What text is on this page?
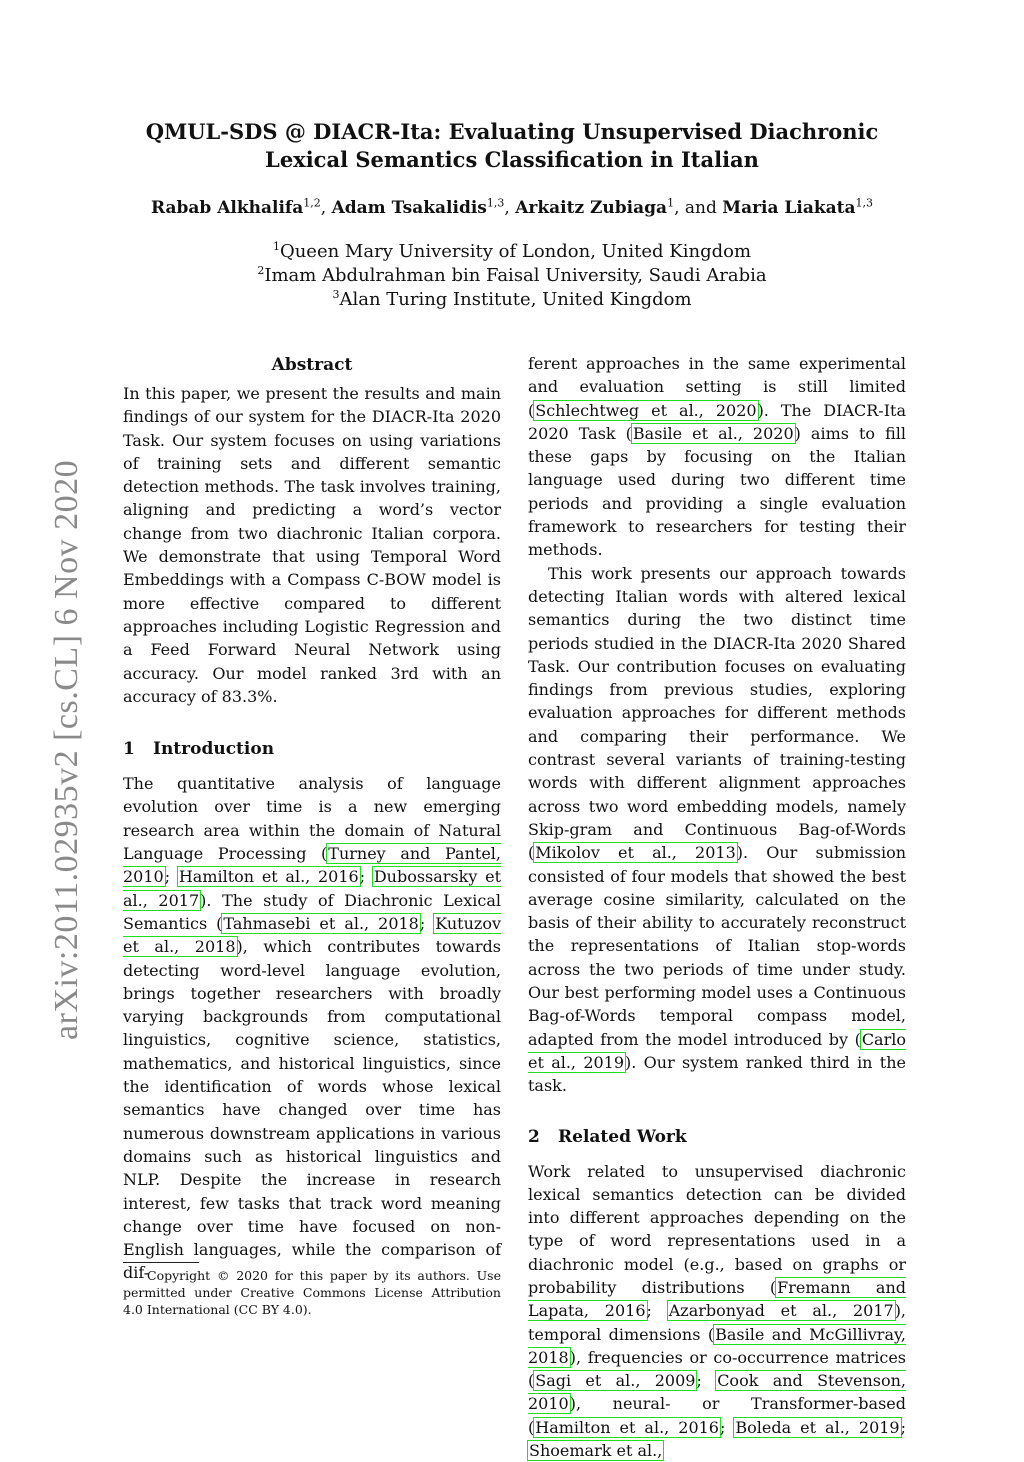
arXiv:2011.02935v2 [cs.CL] 6 Nov 2020
QMUL-SDS @ DIACR-Ita: Evaluating Unsupervised Diachronic Lexical Semantics Classification in Italian
Rabab Alkhalifa$^{1,2}$, Adam Tsakalidis$^{1,3}$, Arkaitz Zubiaga$^1$, and Maria Liakata$^{1,3}$
$^1$Queen Mary University of London, United Kingdom
$^2$Imam Abdulrahman bin Faisal University, Saudi Arabia
$^3$Alan Turing Institute, United Kingdom
Abstract

In this paper, we present the results and main findings of our system for the DIACR-Ita 2020 Task. Our system focuses on using variations of training sets and different semantic detection methods. The task involves training, aligning and predicting a word’s vector change from two diachronic Italian corpora. We demonstrate that using Temporal Word Embeddings with a Compass C-BOW model is more effective compared to different approaches including Logistic Regression and a Feed Forward Neural Network using accuracy. Our model ranked 3rd with an accuracy of 83.3%.

1 Introduction

The quantitative analysis of language evolution over time is a new emerging research area within the domain of Natural Language Processing (Turney and Pantel, 2010; Hamilton et al., 2016; Dubossarsky et al., 2017). The study of Diachronic Lexical Semantics (Tahmasebi et al., 2018; Kutuzov et al., 2018), which contributes towards detecting word-level language evolution, brings together researchers with broadly varying backgrounds from computational linguistics, cognitive science, statistics, mathematics, and historical linguistics, since the identification of words whose lexical semantics have changed over time has numerous downstream applications in various domains such as historical linguistics and NLP. Despite the increase in research interest, few tasks that track word meaning change over time have focused on non-English languages, while the comparison of dif-

ferent approaches in the same experimental and evaluation setting is still limited (Schlechtweg et al., 2020). The DIACR-Ita 2020 Task (Basile et al., 2020) aims to fill these gaps by focusing on the Italian language used during two different time periods and providing a single evaluation framework to researchers for testing their methods.

This work presents our approach towards detecting Italian words with altered lexical semantics during the two distinct time periods studied in the DIACR-Ita 2020 Shared Task. Our contribution focuses on evaluating findings from previous studies, exploring evaluation approaches for different methods and comparing their performance. We contrast several variants of training-testing words with different alignment approaches across two word embedding models, namely Skip-gram and Continuous Bag-of-Words (Mikolov et al., 2013). Our submission consisted of four models that showed the best average cosine similarity, calculated on the basis of their ability to accurately reconstruct the representations of Italian stop-words across the two periods of time under study. Our best performing model uses a Continuous Bag-of-Words temporal compass model, adapted from the model introduced by (Carlo et al., 2019). Our system ranked third in the task.

2 Related Work

Work related to unsupervised diachronic lexical semantics detection can be divided into different approaches depending on the type of word representations used in a diachronic model (e.g., based on graphs or probability distributions (Fremann and Lapata, 2016; Azarbonyad et al., 2017), temporal dimensions (Basile and McGillivray, 2018), frequencies or co-occurrence matrices (Sagi et al., 2009; Cook and Stevenson, 2010), neural- or Transformer-based (Hamilton et al., 2016; Boleda et al., 2019; Shoemark et al.,

Copyright © 2020 for this paper by its authors. Use permitted under Creative Commons License Attribution 4.0 International (CC BY 4.0).
